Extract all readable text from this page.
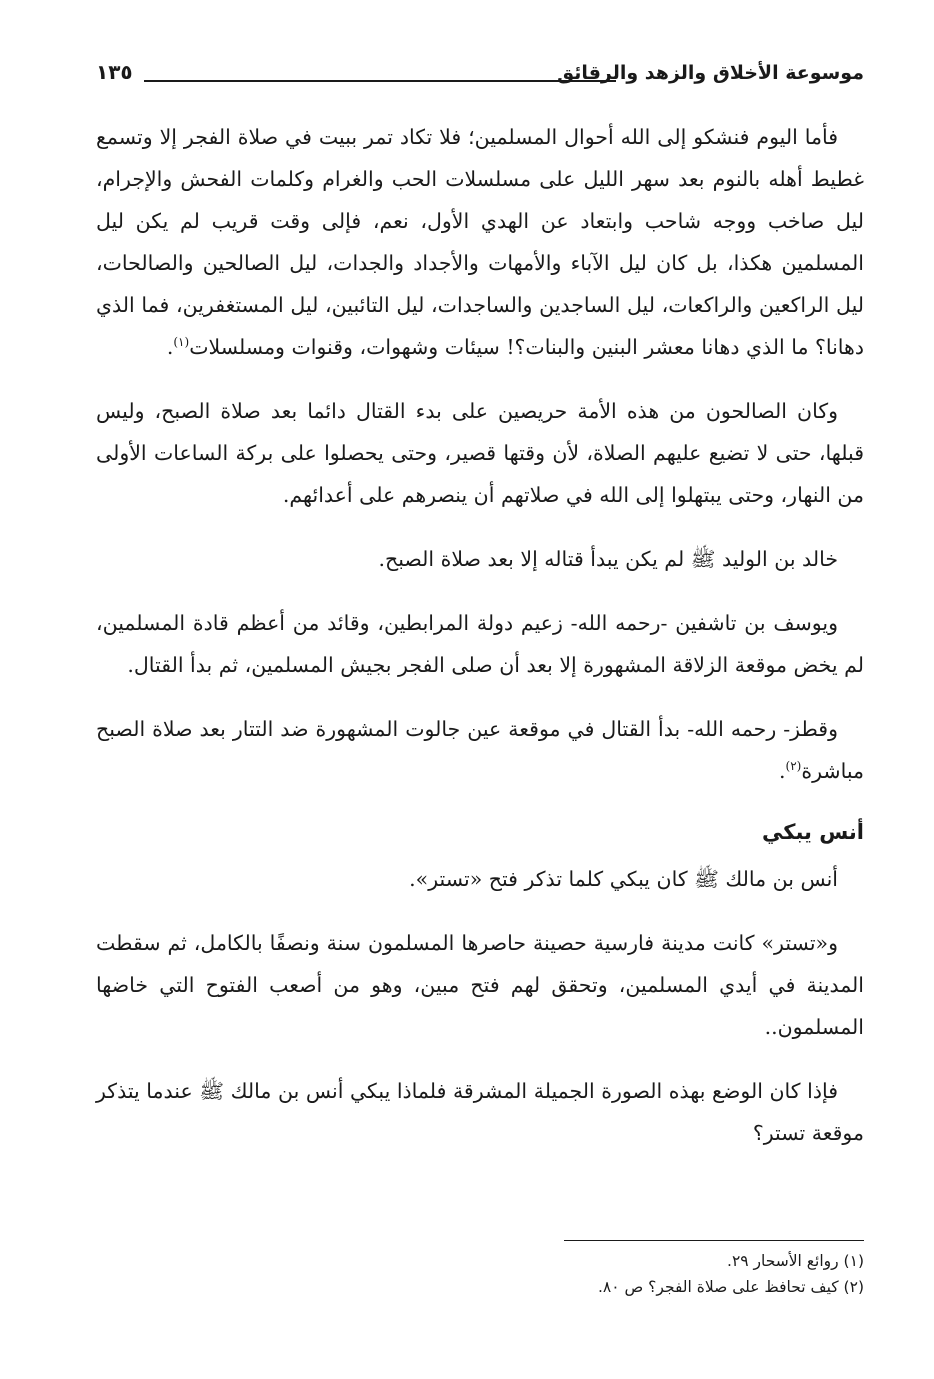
موسوعة الأخلاق والزهد والرقائق
١٣٥

فأما اليوم فنشكو إلى الله أحوال المسلمين؛ فلا تكاد تمر ببيت في صلاة الفجر إلا وتسمع غطيط أهله بالنوم بعد سهر الليل على مسلسلات الحب والغرام وكلمات الفحش والإجرام، ليل صاخب ووجه شاحب وابتعاد عن الهدي الأول، نعم، فإلى وقت قريب لم يكن ليل المسلمين هكذا، بل كان ليل الآباء والأمهات والأجداد والجدات، ليل الصالحين والصالحات، ليل الراكعين والراكعات، ليل الساجدين والساجدات، ليل التائبين، ليل المستغفرين، فما الذي دهانا؟ ما الذي دهانا معشر البنين والبنات؟! سيئات وشهوات، وقنوات ومسلسلات$^{(١)}$.

وكان الصالحون من هذه الأمة حريصين على بدء القتال دائما بعد صلاة الصبح، وليس قبلها، حتى لا تضيع عليهم الصلاة، لأن وقتها قصير، وحتى يحصلوا على بركة الساعات الأولى من النهار، وحتى يبتهلوا إلى الله في صلاتهم أن ينصرهم على أعدائهم.

خالد بن الوليد ﷺ لم يكن يبدأ قتاله إلا بعد صلاة الصبح.

ويوسف بن تاشفين -رحمه الله- زعيم دولة المرابطين، وقائد من أعظم قادة المسلمين، لم يخض موقعة الزلاقة المشهورة إلا بعد أن صلى الفجر بجيش المسلمين، ثم بدأ القتال.

وقطز- رحمه الله- بدأ القتال في موقعة عين جالوت المشهورة ضد التتار بعد صلاة الصبح مباشرة$^{(٢)}$.

أنس يبكي

أنس بن مالك ﷺ كان يبكي كلما تذكر فتح «تستر».

و«تستر» كانت مدينة فارسية حصينة حاصرها المسلمون سنة ونصفًا بالكامل، ثم سقطت المدينة في أيدي المسلمين، وتحقق لهم فتح مبين، وهو من أصعب الفتوح التي خاضها المسلمون..

فإذا كان الوضع بهذه الصورة الجميلة المشرقة فلماذا يبكي أنس بن مالك ﷺ عندما يتذكر موقعة تستر؟

(١) روائع الأسحار ٢٩.

(٢) كيف تحافظ على صلاة الفجر؟ ص ٨٠.
